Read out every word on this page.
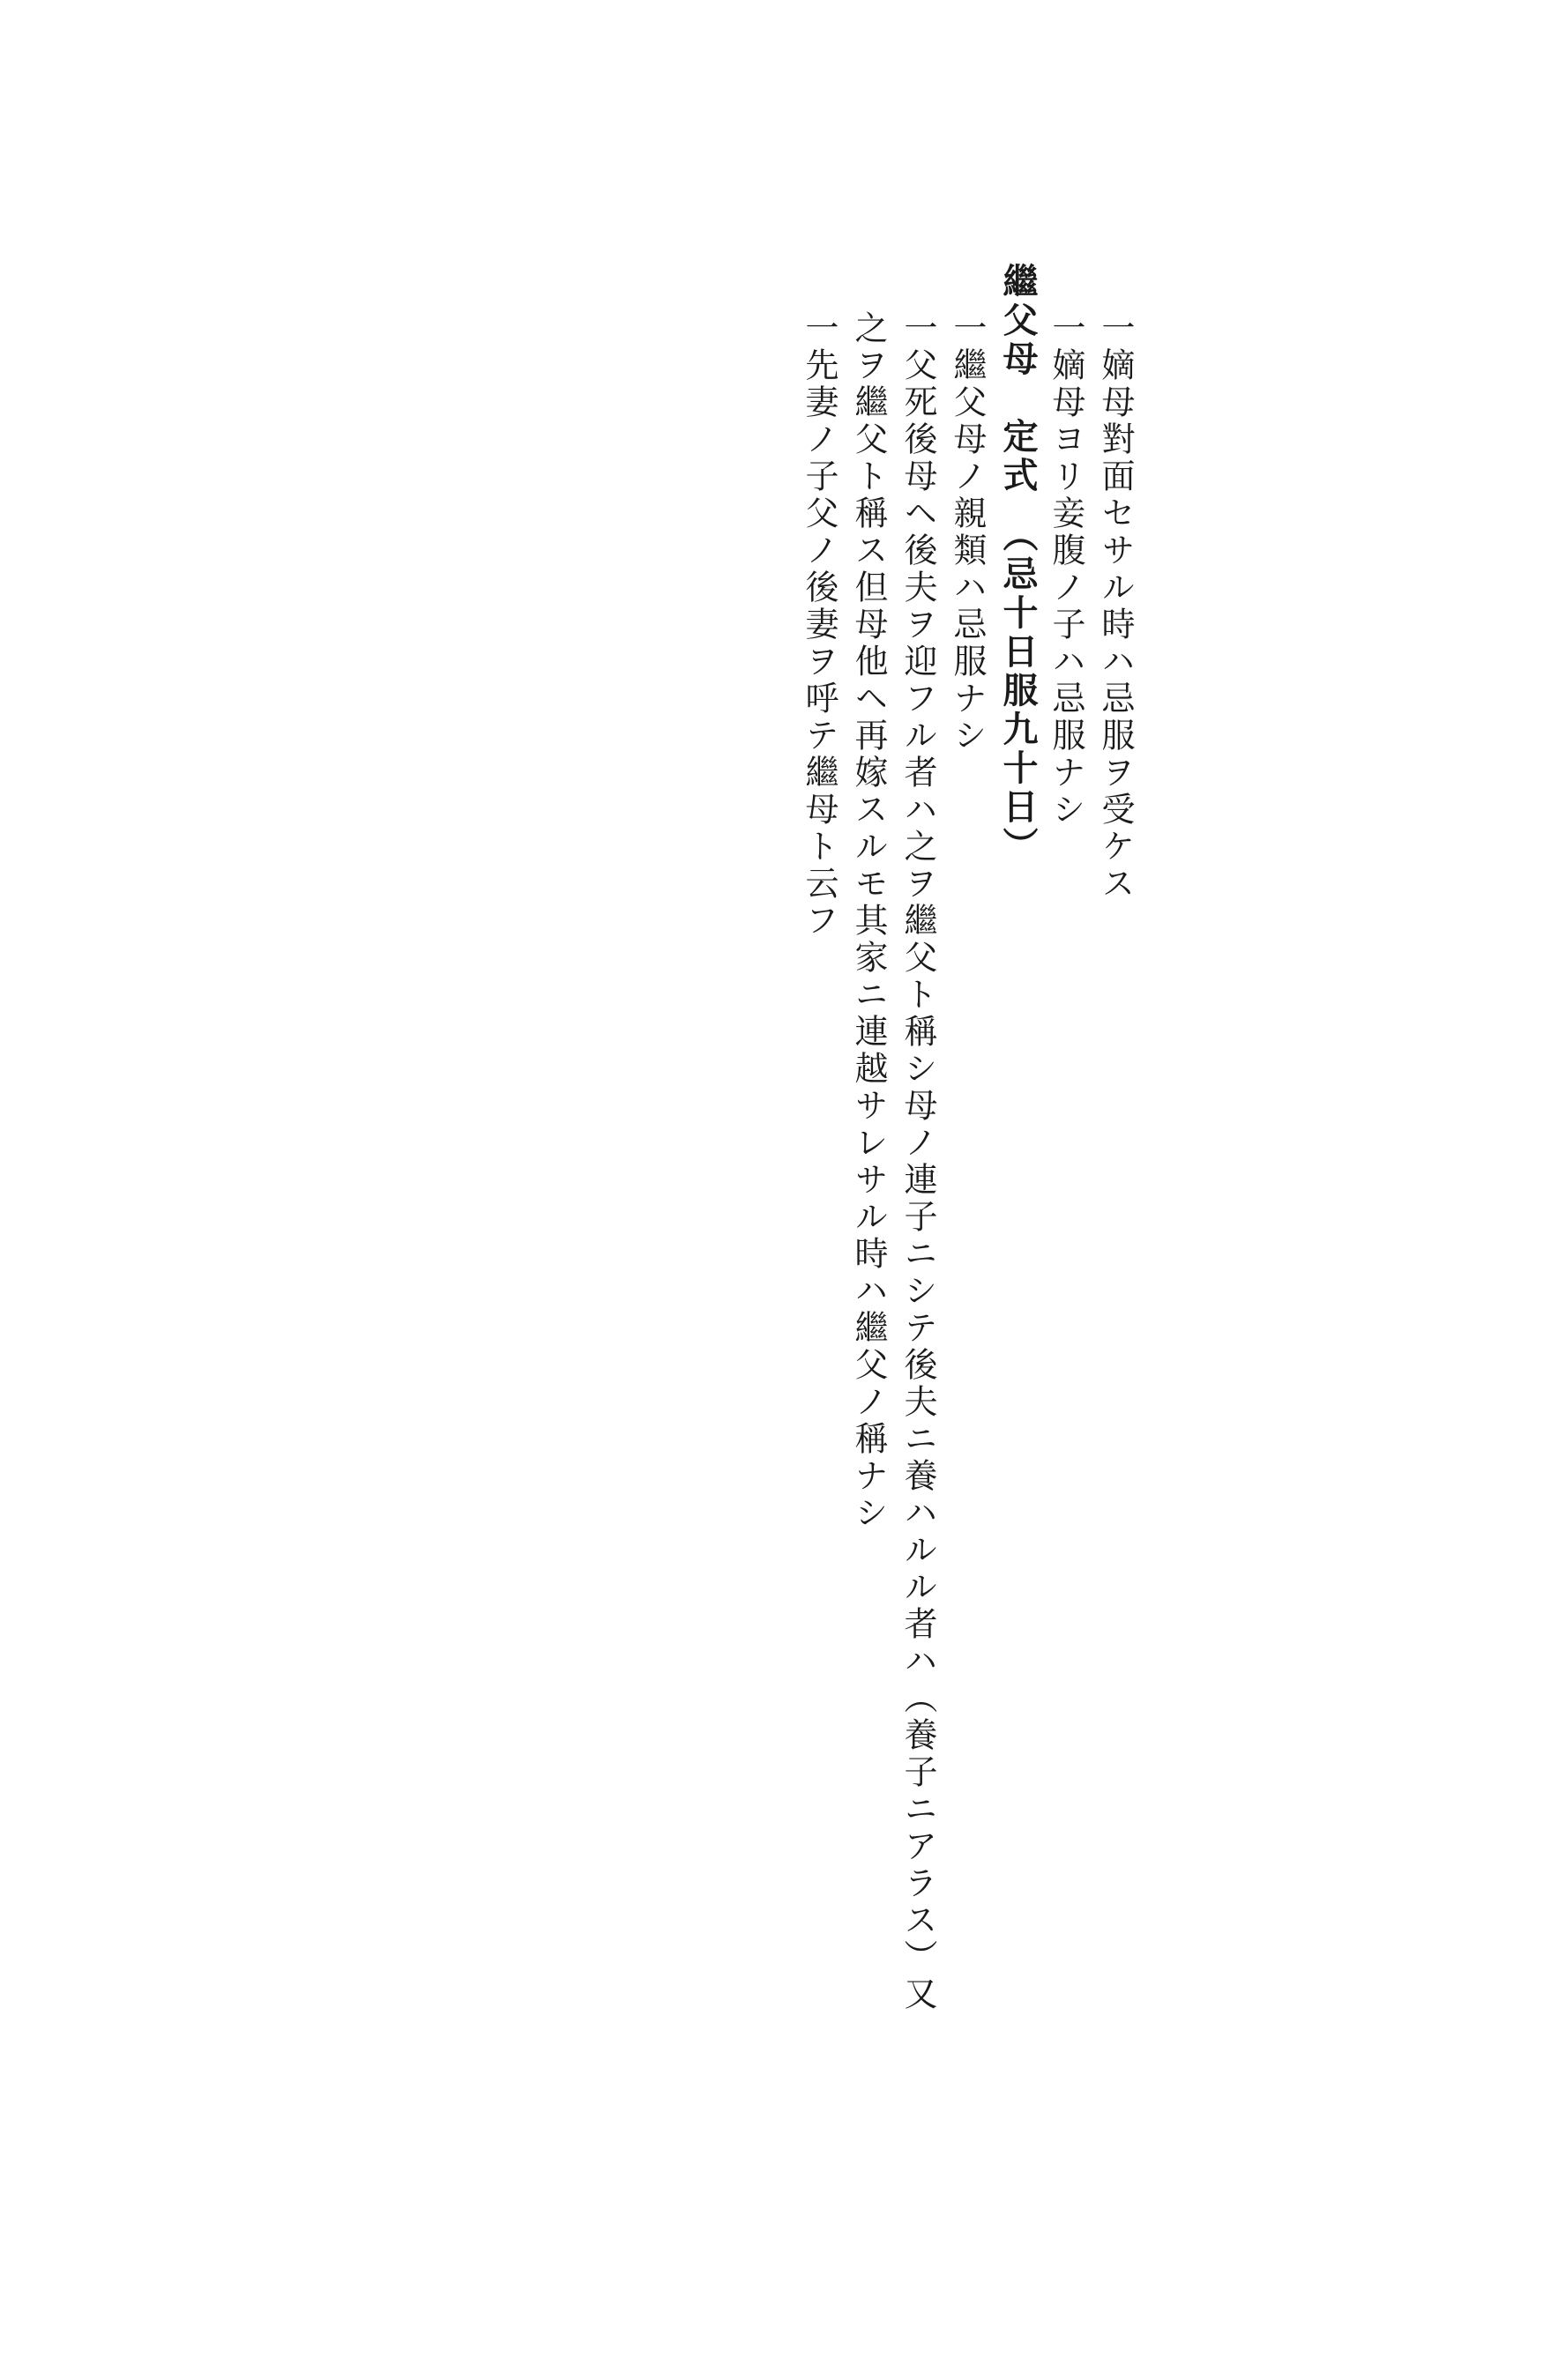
一嫡母對面セサル時ハ忌服ヲ受ケス

一嫡母ヨリ妾腹ノ子ハ忌服ナシ

繼父母　定式　（忌十日服九十日）

一繼父母ノ親類ハ忌服ナシ

一父死後母ヘ後夫ヲ迎フル者ハ之ヲ繼父ト稱シ母ノ連子ニシテ後夫ニ養ハルル者ハ（養子ニアラス）又

之ヲ繼父ト稱ス但母他ヘ再嫁スルモ其家ニ連越サレサル時ハ繼父ノ稱ナシ

一先妻ノ子父ノ後妻ヲ呼テ繼母ト云フ
